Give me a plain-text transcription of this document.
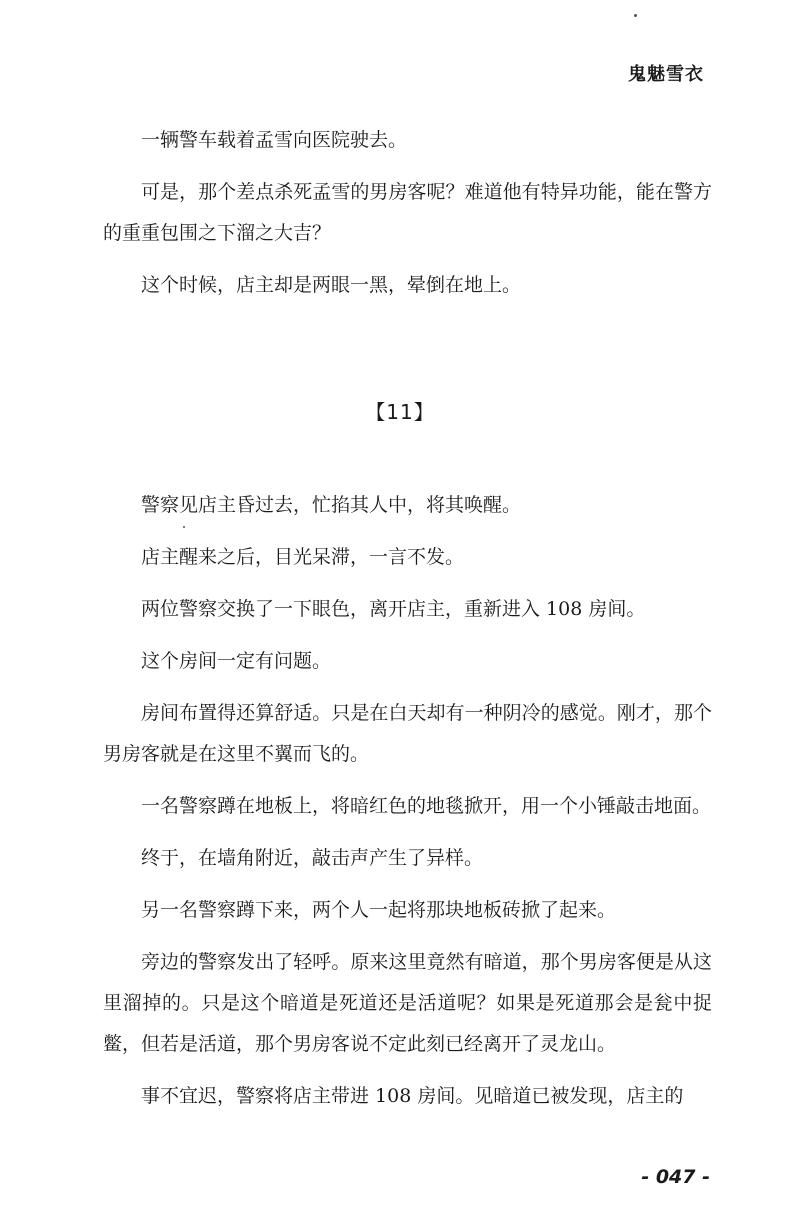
鬼魅雪衣

一辆警车载着孟雪向医院驶去。

可是，那个差点杀死孟雪的男房客呢？难道他有特异功能，能在警方的重重包围之下溜之大吉？

这个时候，店主却是两眼一黑，晕倒在地上。

【11】

警察见店主昏过去，忙掐其人中，将其唤醒。

店主醒来之后，目光呆滞，一言不发。

两位警察交换了一下眼色，离开店主，重新进入 108 房间。

这个房间一定有问题。

房间布置得还算舒适。只是在白天却有一种阴冷的感觉。刚才，那个男房客就是在这里不翼而飞的。

一名警察蹲在地板上，将暗红色的地毯掀开，用一个小锤敲击地面。

终于，在墙角附近，敲击声产生了异样。

另一名警察蹲下来，两个人一起将那块地板砖掀了起来。

旁边的警察发出了轻呼。原来这里竟然有暗道，那个男房客便是从这里溜掉的。只是这个暗道是死道还是活道呢？如果是死道那会是瓮中捉鳖，但若是活道，那个男房客说不定此刻已经离开了灵龙山。

事不宜迟，警察将店主带进 108 房间。见暗道已被发现，店主的

- 047 -
